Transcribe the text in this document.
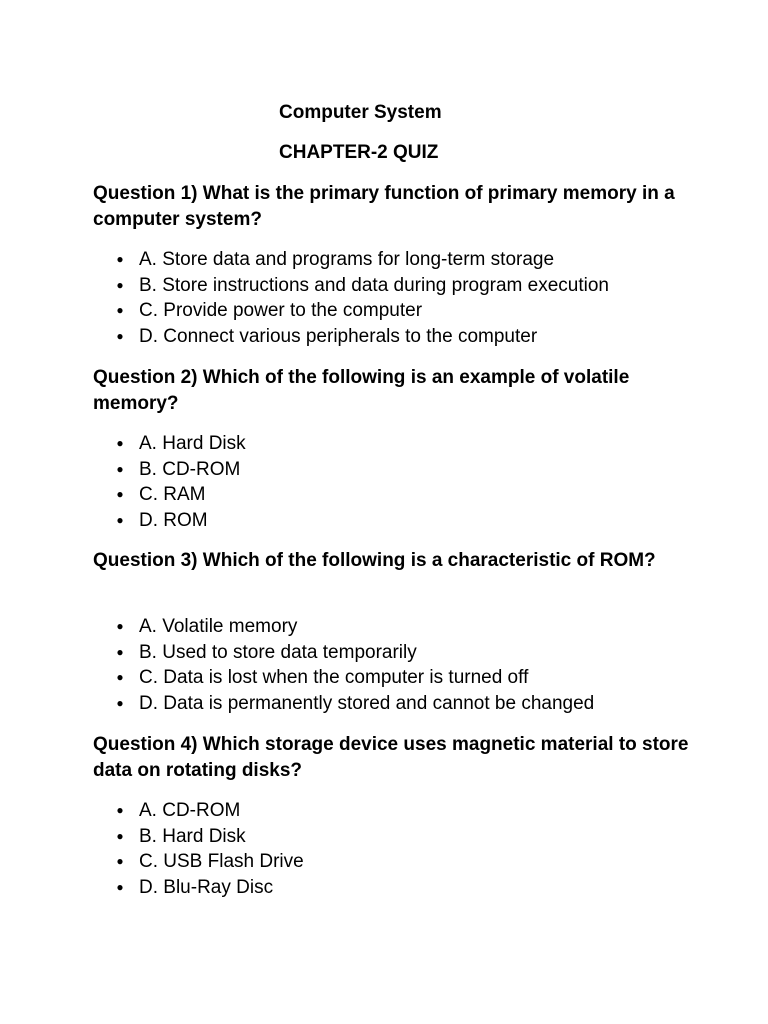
Computer System
CHAPTER-2 QUIZ
Question 1) What is the primary function of primary memory in a computer system?
● A. Store data and programs for long-term storage
● B. Store instructions and data during program execution
● C. Provide power to the computer
● D. Connect various peripherals to the computer
Question 2) Which of the following is an example of volatile memory?
● A. Hard Disk
● B. CD-ROM
● C. RAM
● D. ROM
Question 3) Which of the following is a characteristic of ROM?
● A. Volatile memory
● B. Used to store data temporarily
● C. Data is lost when the computer is turned off
● D. Data is permanently stored and cannot be changed
Question 4) Which storage device uses magnetic material to store data on rotating disks?
● A. CD-ROM
● B. Hard Disk
● C. USB Flash Drive
● D. Blu-Ray Disc
